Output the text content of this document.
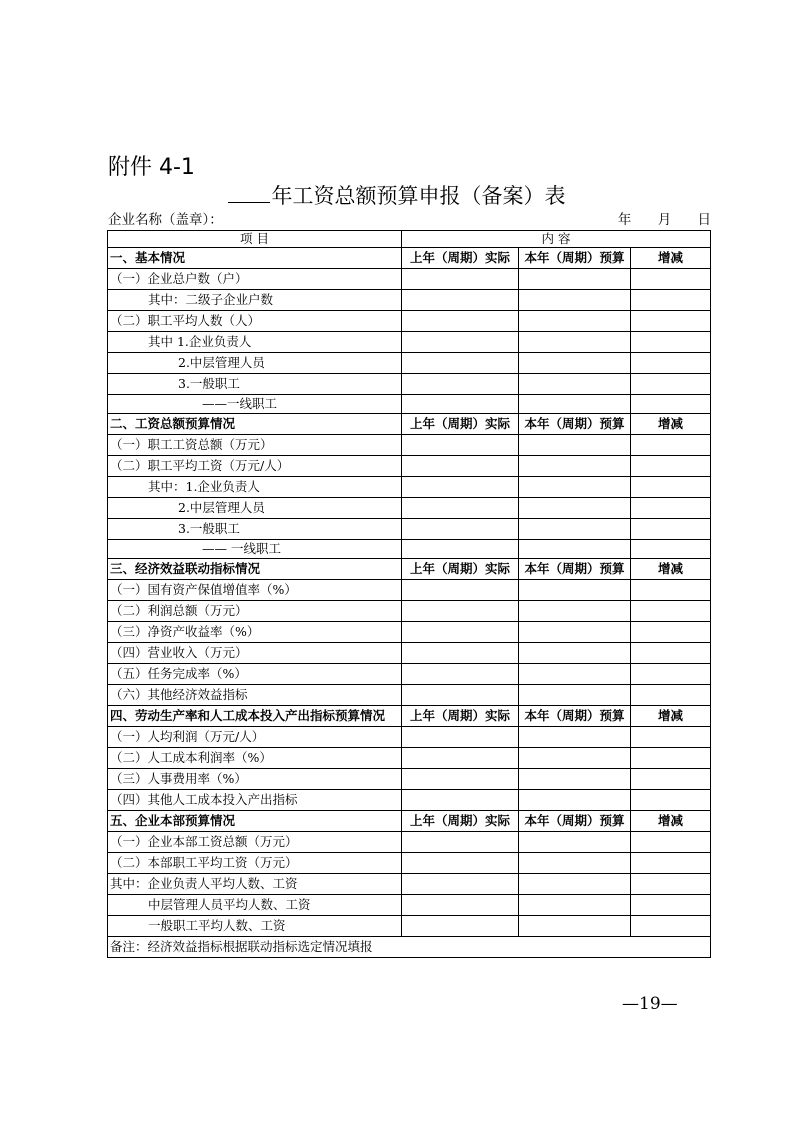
附件 4-1
年工资总额预算申报（备案）表
企业名称（盖章）：	年 月 日
项 目	内 容		
一、基本情况	上年（周期）实际	本年（周期）预算	增减
（一）企业总户数（户）			
其中：二级子企业户数			
（二）职工平均人数（人）			
其中 1.企业负责人			
2.中层管理人员			
3.一般职工			
——一线职工			
二、工资总额预算情况	上年（周期）实际	本年（周期）预算	增减
（一）职工工资总额（万元）			
（二）职工平均工资（万元/人）			
其中：1.企业负责人			
2.中层管理人员			
3.一般职工			
—— 一线职工			
三、经济效益联动指标情况	上年（周期）实际	本年（周期）预算	增减
（一）国有资产保值增值率（%）			
（二）利润总额（万元）			
（三）净资产收益率（%）			
（四）营业收入（万元）			
（五）任务完成率（%）			
（六）其他经济效益指标			
四、劳动生产率和人工成本投入产出指标预算情况	上年（周期）实际	本年（周期）预算	增减
（一）人均利润（万元/人）			
（二）人工成本利润率（%）			
（三）人事费用率（%）			
（四）其他人工成本投入产出指标			
五、企业本部预算情况	上年（周期）实际	本年（周期）预算	增减
（一）企业本部工资总额（万元）			
（二）本部职工平均工资（万元）			
其中：企业负责人平均人数、工资			
中层管理人员平均人数、工资			
一般职工平均人数、工资			
备注：经济效益指标根据联动指标选定情况填报			
—19—
